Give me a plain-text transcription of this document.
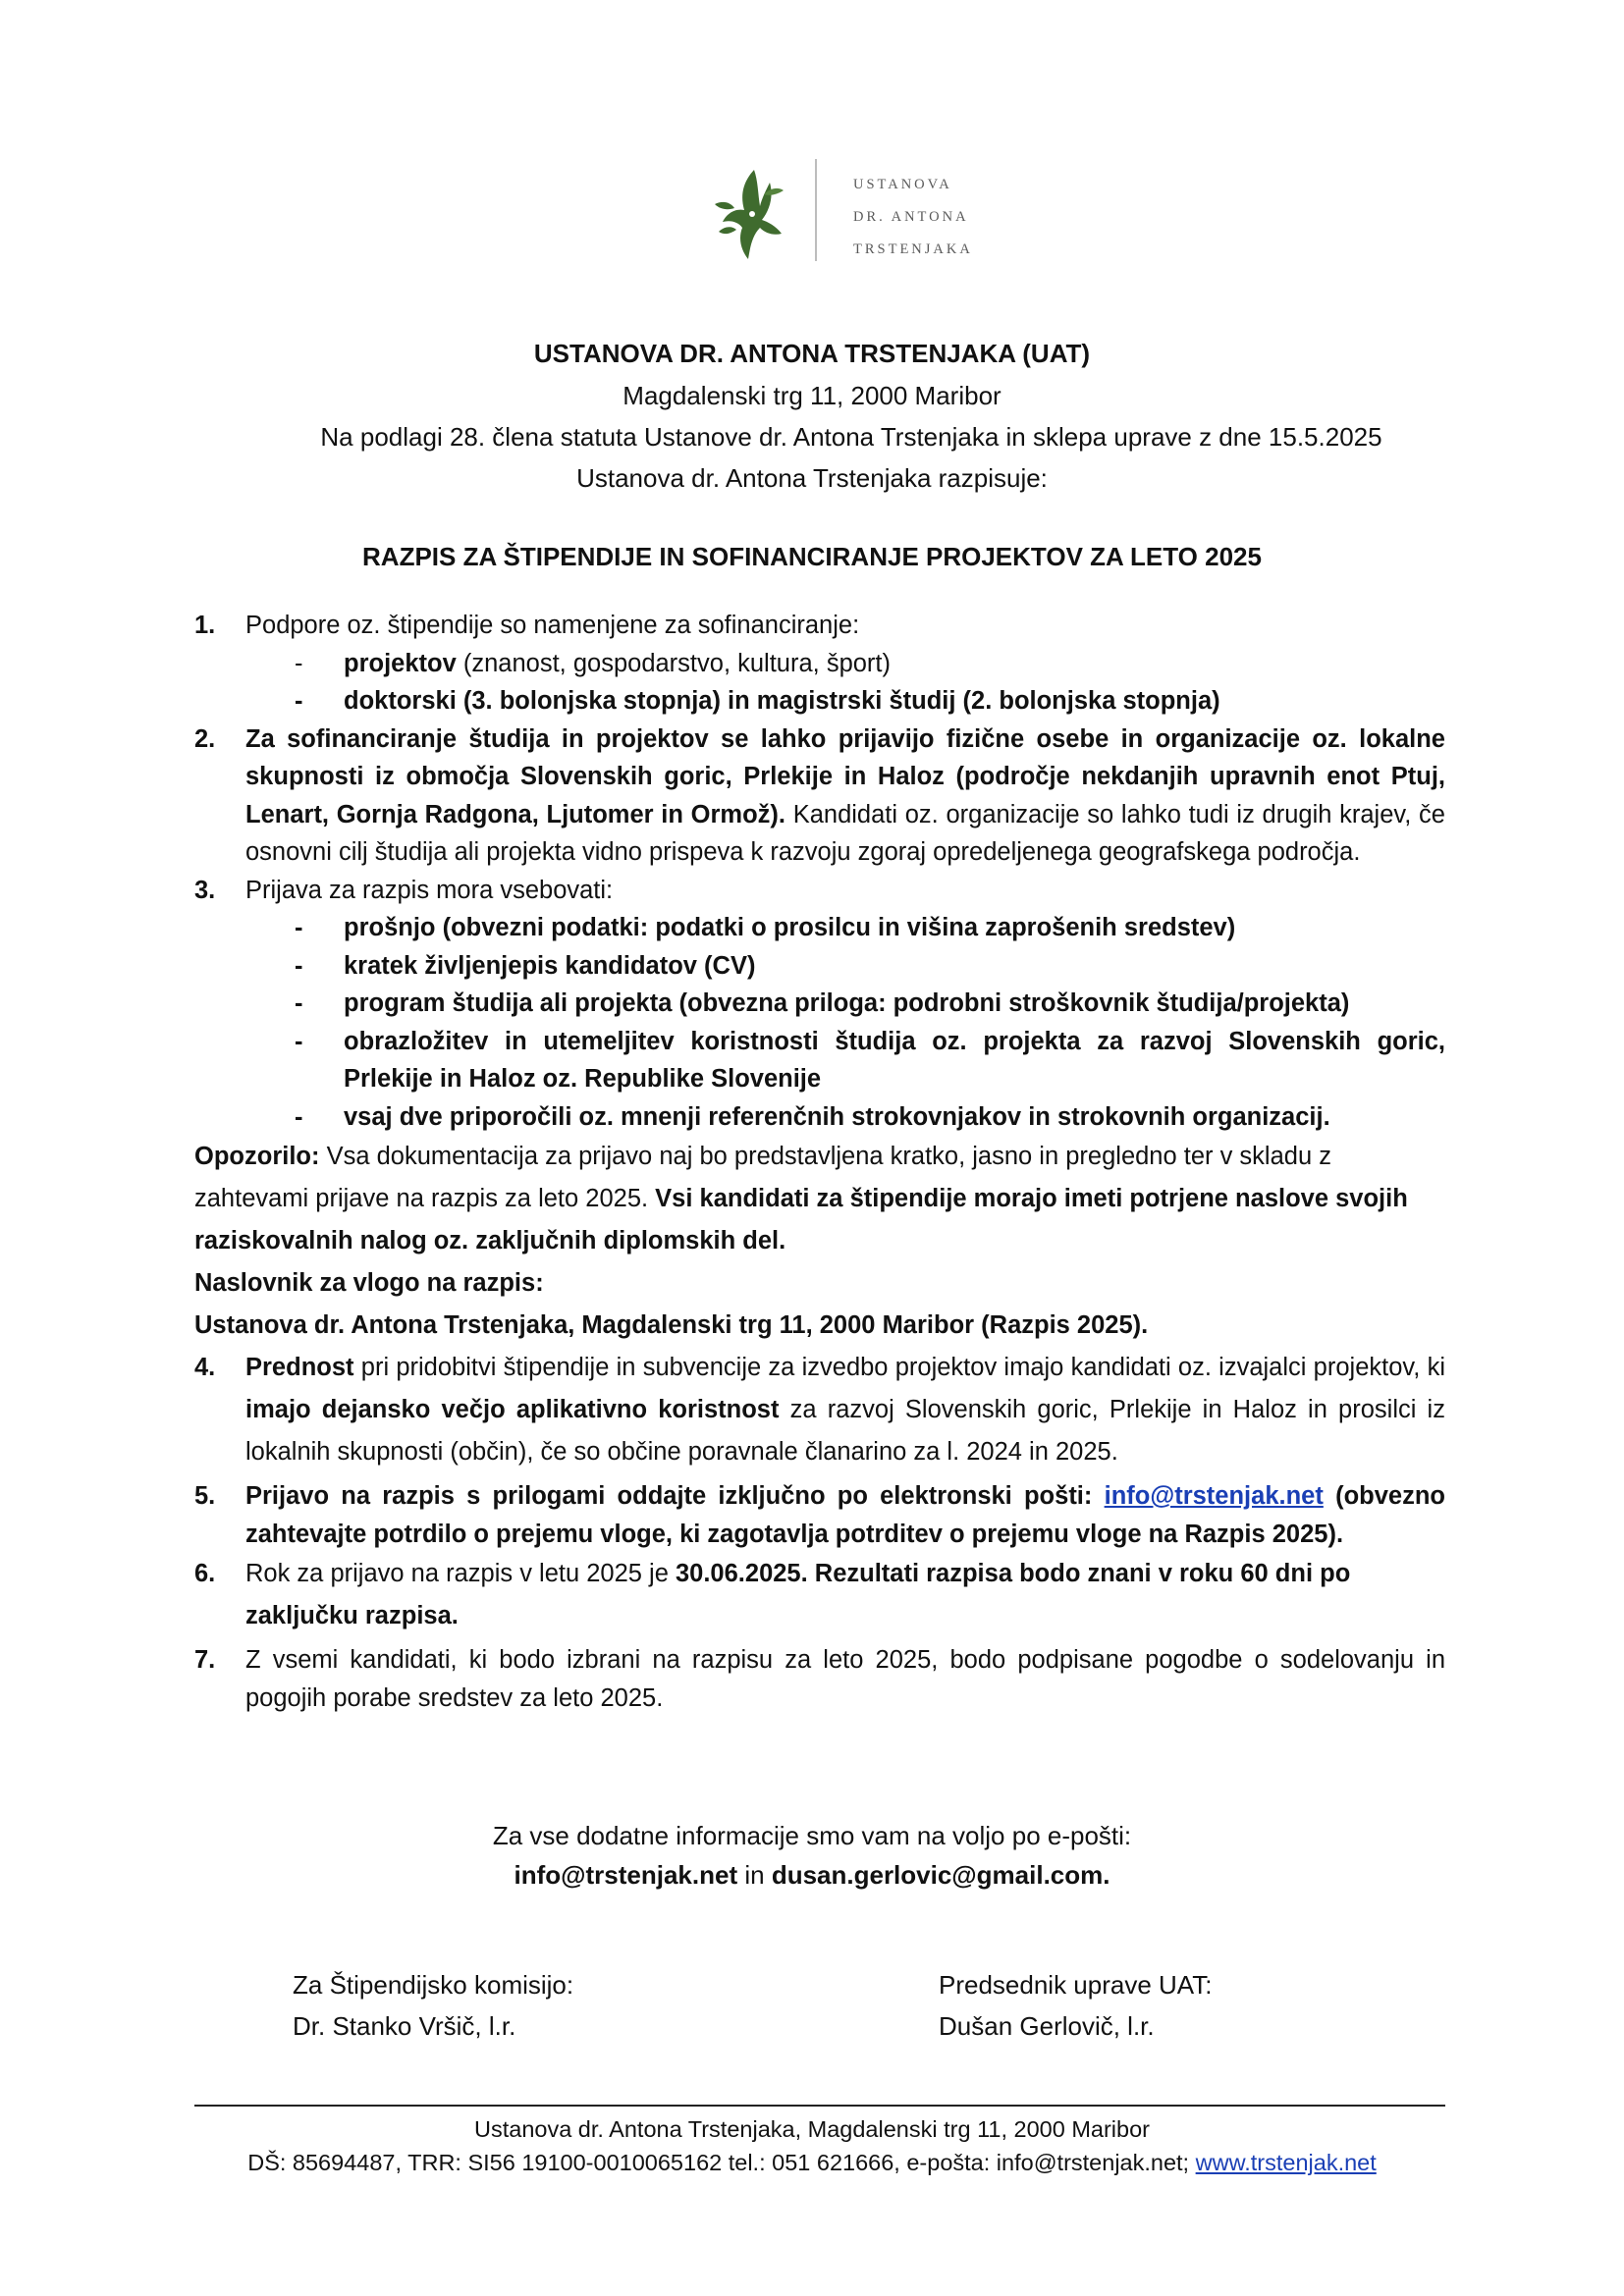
USTANOVA
DR. ANTONA
TRSTENJAKA
USTANOVA DR. ANTONA TRSTENJAKA (UAT)
Magdalenski trg 11, 2000 Maribor
Na podlagi 28. člena statuta Ustanove dr. Antona Trstenjaka in sklepa uprave z dne 15.5.2025
Ustanova dr. Antona Trstenjaka razpisuje:
RAZPIS ZA ŠTIPENDIJE IN SOFINANCIRANJE PROJEKTOV ZA LETO 2025
1. Podpore oz. štipendije so namenjene za sofinanciranje:
-	projektov (znanost, gospodarstvo, kultura, šport)
-	doktorski (3. bolonjska stopnja) in magistrski študij (2. bolonjska stopnja)
2. Za sofinanciranje študija in projektov se lahko prijavijo fizične osebe in organizacije oz. lokalne skupnosti iz območja Slovenskih goric, Prlekije in Haloz (področje nekdanjih upravnih enot Ptuj, Lenart, Gornja Radgona, Ljutomer in Ormož). Kandidati oz. organizacije so lahko tudi iz drugih krajev, če osnovni cilj študija ali projekta vidno prispeva k razvoju zgoraj opredeljenega geografskega področja.
3. Prijava za razpis mora vsebovati:
-	prošnjo (obvezni podatki: podatki o prosilcu in višina zaprošenih sredstev)
-	kratek življenjepis kandidatov (CV)
-	program študija ali projekta (obvezna priloga: podrobni stroškovnik študija/projekta)
-	obrazložitev in utemeljitev koristnosti študija oz. projekta za razvoj Slovenskih goric, Prlekije in Haloz oz. Republike Slovenije
-	vsaj dve priporočili oz. mnenji referenčnih strokovnjakov in strokovnih organizacij.
Opozorilo: Vsa dokumentacija za prijavo naj bo predstavljena kratko, jasno in pregledno ter v skladu z zahtevami prijave na razpis za leto 2025. Vsi kandidati za štipendije morajo imeti potrjene naslove svojih raziskovalnih nalog oz. zaključnih diplomskih del.
Naslovnik za vlogo na razpis:
Ustanova dr. Antona Trstenjaka, Magdalenski trg 11, 2000 Maribor (Razpis 2025).
4. Prednost pri pridobitvi štipendije in subvencije za izvedbo projektov imajo kandidati oz. izvajalci projektov, ki imajo dejansko večjo aplikativno koristnost za razvoj Slovenskih goric, Prlekije in Haloz in prosilci iz lokalnih skupnosti (občin), če so občine poravnale članarino za l. 2024 in 2025.
5. Prijavo na razpis s prilogami oddajte izključno po elektronski pošti: info@trstenjak.net (obvezno zahtevajte potrdilo o prejemu vloge, ki zagotavlja potrditev o prejemu vloge na Razpis 2025).
6. Rok za prijavo na razpis v letu 2025 je 30.06.2025. Rezultati razpisa bodo znani v roku 60 dni po zaključku razpisa.
7. Z vsemi kandidati, ki bodo izbrani na razpisu za leto 2025, bodo podpisane pogodbe o sodelovanju in pogojih porabe sredstev za leto 2025.
Za vse dodatne informacije smo vam na voljo po e-pošti:
info@trstenjak.net in dusan.gerlovic@gmail.com.
Za Štipendijsko komisijo:
Dr. Stanko Vršič, l.r.
Predsednik uprave UAT:
Dušan Gerlovič, l.r.
Ustanova dr. Antona Trstenjaka, Magdalenski trg 11, 2000 Maribor
DŠ: 85694487, TRR: SI56 19100-0010065162 tel.: 051 621666, e-pošta: info@trstenjak.net; www.trstenjak.net
